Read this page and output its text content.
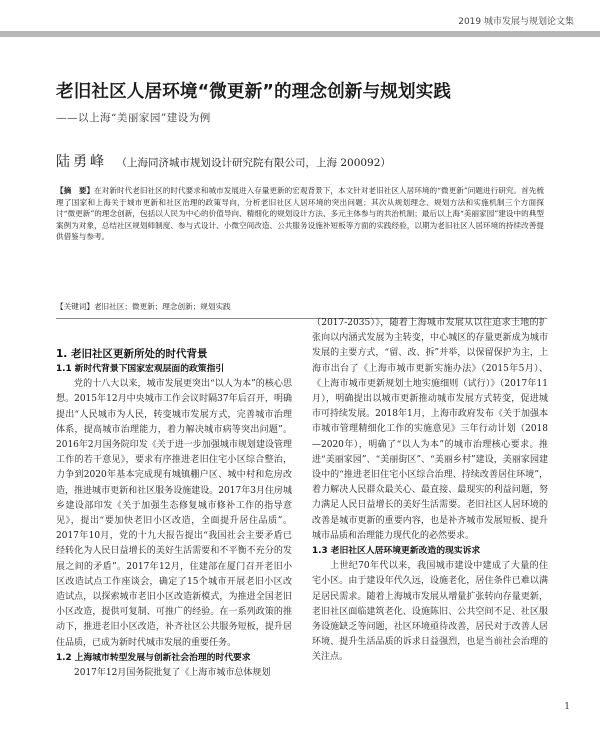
2019 城市发展与规划论文集
老旧社区人居环境“微更新”的理念创新与规划实践
——以上海“美丽家园”建设为例
陆勇峰 （上海同济城市规划设计研究院有限公司，上海 200092）
【摘　要】在对新时代老旧社区的时代要求和城市发展进入存量更新的宏观背景下，本文针对老旧社区人居环境的“微更新”问题进行研究。首先梳理了国家和上海关于城市更新和社区治理的政策导向，分析老旧社区人居环境的突出问题；其次从规划理念、规划方法和实施机制三个方面探讨“微更新”的理念创新，包括以人民为中心的价值导向、精细化的规划设计方法、多元主体参与的共治机制；最后以上海“美丽家园”建设中的典型案例为对象，总结社区规划师制度、参与式设计、小微空间改造、公共服务设施补短板等方面的实践经验，以期为老旧社区人居环境的持续改善提供借鉴与参考。
【关键词】老旧社区；微更新；理念创新；规划实践

1. 老旧社区更新所处的时代背景

1.1 新时代背景下国家宏观层面的政策指引

党的十八大以来，城市发展更突出“以人为本”的核心思想。2015年12月中央城市工作会议时隔37年后召开，明确提出“人民城市为人民，转变城市发展方式，完善城市治理体系，提高城市治理能力，着力解决城市病等突出问题”。2016年2月国务院印发《关于进一步加强城市规划建设管理工作的若干意见》，要求有序推进老旧住宅小区综合整治，力争到2020年基本完成现有城镇棚户区、城中村和危房改造，推进城市更新和社区服务设施建设。2017年3月住房城乡建设部印发《关于加强生态修复城市修补工作的指导意见》，提出“要加快老旧小区改造，全面提升居住品质”。2017年10月，党的十九大报告提出“我国社会主要矛盾已经转化为人民日益增长的美好生活需要和不平衡不充分的发展之间的矛盾”。2017年12月，住建部在厦门召开老旧小区改造试点工作座谈会，确定了15个城市开展老旧小区改造试点，以探索城市老旧小区改造新模式，为推进全国老旧小区改造，提供可复制、可推广的经验。在一系列政策的推动下，推进老旧小区改造，补齐社区公共服务短板，提升居住品质，已成为新时代城市发展的重要任务。

1.2 上海城市转型发展与创新社会治理的时代要求

2017年12月国务院批复了《上海市城市总体规划

（2017-2035）》，随着上海城市发展从以往追求土地的扩张向以内涵式发展为主转变，中心城区的存量更新成为城市发展的主要方式，“留、改、拆”并举，以保留保护为主，上海市出台了《上海市城市更新实施办法》（2015年5月）、《上海市城市更新规划土地实施细则（试行）》（2017年11月），明确提出以城市更新推动城市发展方式转变，促进城市可持续发展。2018年1月，上海市政府发布《关于加强本市城市管理精细化工作的实施意见》三年行动计划（2018—2020年），明确了“以人为本”的城市治理核心要求。推进“美丽家园”、“美丽街区”、“美丽乡村”建设，美丽家园建设中的“推进老旧住宅小区综合治理、持续改善居住环境”，着力解决人民群众最关心、最直接、最现实的利益问题，努力满足人民日益增长的美好生活需要。老旧社区人居环境的改善是城市更新的重要内容，也是补齐城市发展短板、提升城市品质和治理能力现代化的必然要求。

1.3 老旧社区人居环境更新改造的现实诉求

上世纪70年代以来，我国城市建设中建成了大量的住宅小区。由于建设年代久远，设施老化，居住条件已难以满足居民需求。随着上海城市发展从增量扩张转向存量更新，老旧社区面临建筑老化、设施陈旧、公共空间不足、社区服务设施缺乏等问题，社区环境亟待改善，居民对于改善人居环境、提升生活品质的诉求日益强烈，也是当前社会治理的关注点。

1
